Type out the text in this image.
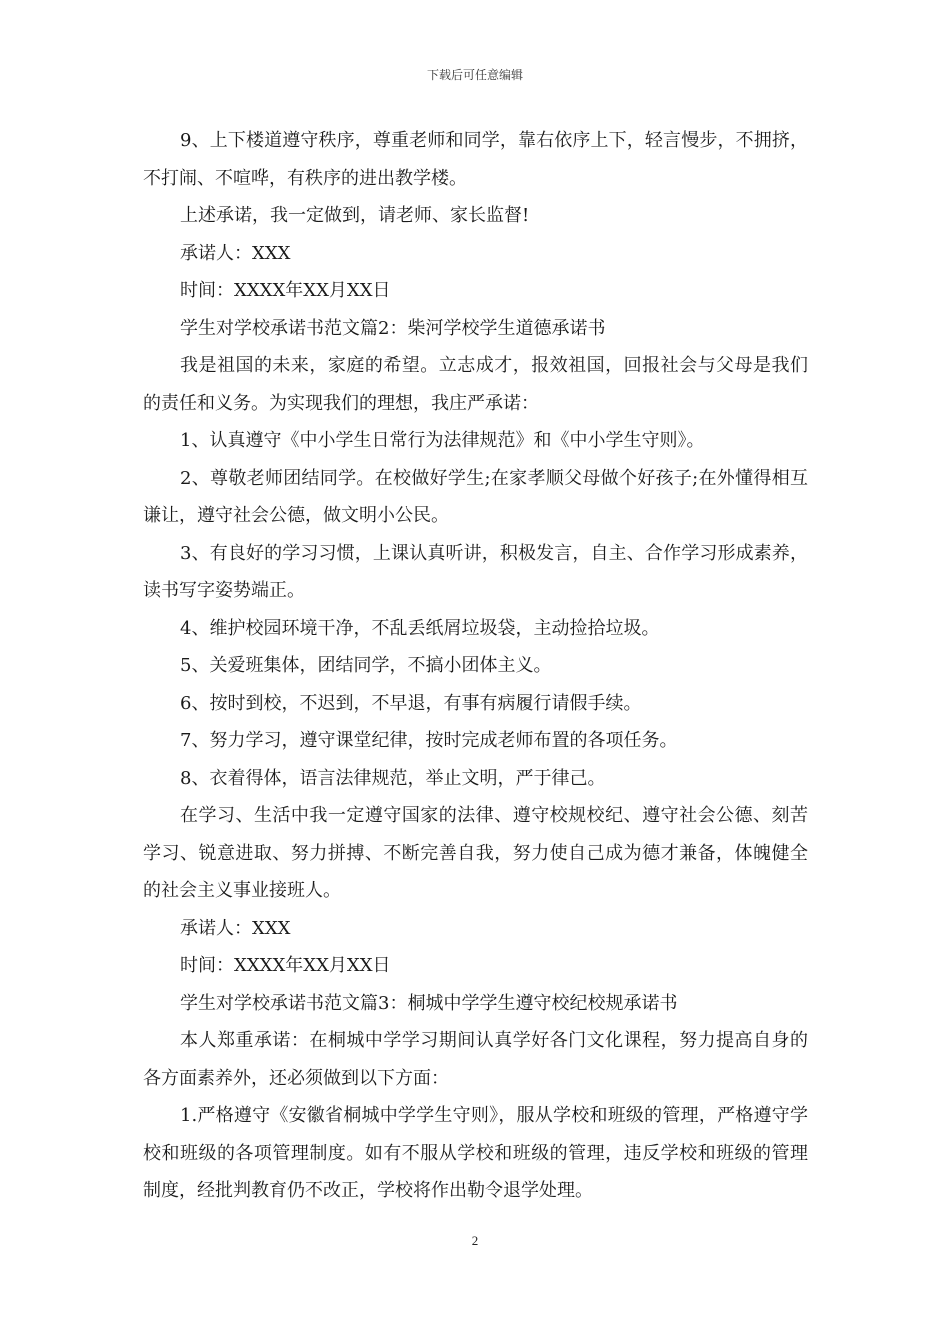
下载后可任意编辑

9、上下楼道遵守秩序，尊重老师和同学，靠右依序上下，轻言慢步，不拥挤，不打闹、不喧哗，有秩序的进出教学楼。

上述承诺，我一定做到，请老师、家长监督!

承诺人：XXX

时间：XXXX年XX月XX日

学生对学校承诺书范文篇2：柴河学校学生道德承诺书

我是祖国的未来，家庭的希望。立志成才，报效祖国，回报社会与父母是我们的责任和义务。为实现我们的理想，我庄严承诺：

1、认真遵守《中小学生日常行为法律规范》和《中小学生守则》。

2、尊敬老师团结同学。在校做好学生;在家孝顺父母做个好孩子;在外懂得相互谦让，遵守社会公德，做文明小公民。

3、有良好的学习习惯，上课认真听讲，积极发言，自主、合作学习形成素养，读书写字姿势端正。

4、维护校园环境干净，不乱丢纸屑垃圾袋，主动捡拾垃圾。

5、关爱班集体，团结同学，不搞小团体主义。

6、按时到校，不迟到，不早退，有事有病履行请假手续。

7、努力学习，遵守课堂纪律，按时完成老师布置的各项任务。

8、衣着得体，语言法律规范，举止文明，严于律己。

在学习、生活中我一定遵守国家的法律、遵守校规校纪、遵守社会公德、刻苦学习、锐意进取、努力拼搏、不断完善自我，努力使自己成为德才兼备，体魄健全的社会主义事业接班人。

承诺人：XXX

时间：XXXX年XX月XX日

学生对学校承诺书范文篇3：桐城中学学生遵守校纪校规承诺书

本人郑重承诺：在桐城中学学习期间认真学好各门文化课程，努力提高自身的各方面素养外，还必须做到以下方面：

1.严格遵守《安徽省桐城中学学生守则》，服从学校和班级的管理，严格遵守学校和班级的各项管理制度。如有不服从学校和班级的管理，违反学校和班级的管理制度，经批判教育仍不改正，学校将作出勒令退学处理。

2
